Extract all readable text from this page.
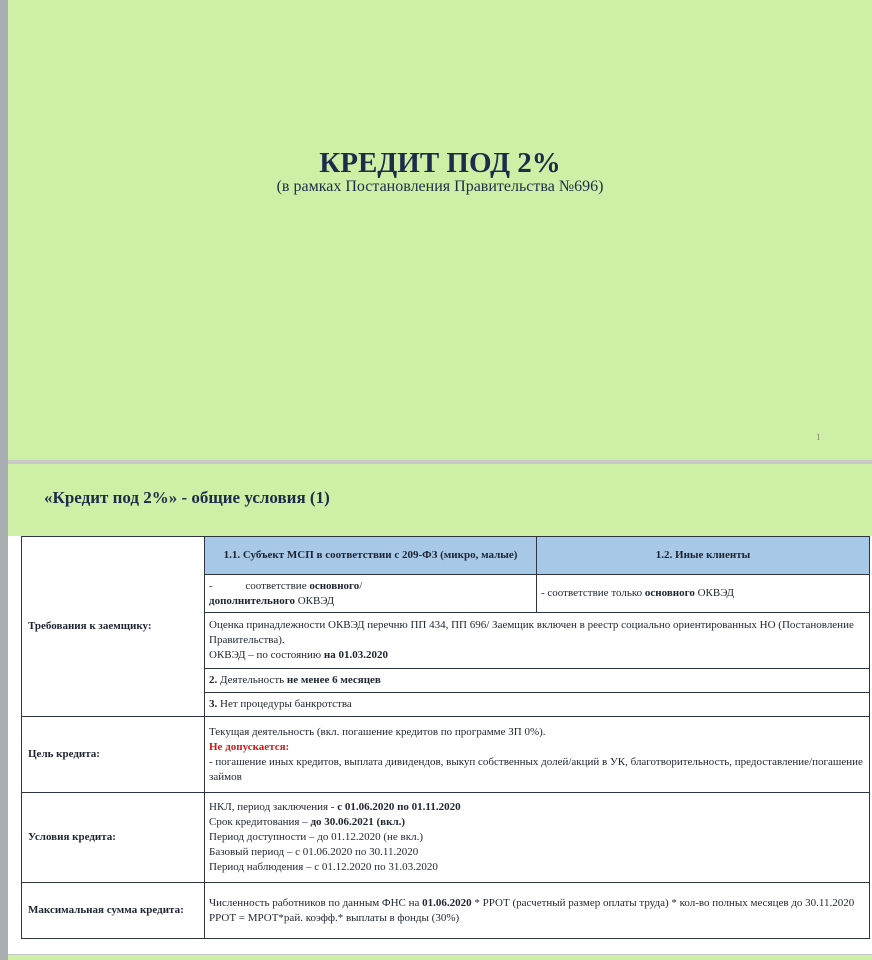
КРЕДИТ ПОД 2%
(в рамках Постановления Правительства №696)
1
«Кредит под 2%» - общие условия (1)
Требования к заемщику:	1.1. Субъект МСП в соответствии с 209-ФЗ (микро, малые)	1.2. Иные клиенты

	- соответствие основного/
дополнительного ОКВЭД	- соответствие только основного ОКВЭД

	Оценка принадлежности ОКВЭД перечню ПП 434, ПП 696/ Заемщик включен в реестр социально ориентированных НО (Постановление Правительства).
ОКВЭД – по состоянию на 01.03.2020	

	2. Деятельность не менее 6 месяцев	
	3. Нет процедуры банкротства	
Цель кредита:	Текущая деятельность (вкл. погашение кредитов по программе ЗП 0%).
Не допускается:
- погашение иных кредитов, выплата дивидендов, выкуп собственных долей/акций в УК, благотворительность, предоставление/погашение займов	

Условия кредита:	НКЛ, период заключения - с 01.06.2020 по 01.11.2020
Срок кредитования – до 30.06.2021 (вкл.)
Период доступности – до 01.12.2020 (не вкл.)
Базовый период – с 01.06.2020 по 30.11.2020
Период наблюдения – с 01.12.2020 по 31.03.2020	

Максимальная сумма кредита:	Численность работников по данным ФНС на 01.06.2020 * РРОТ (расчетный размер оплаты труда) * кол-во полных месяцев до 30.11.2020
РРОТ = МРОТ*рай. коэфф.* выплаты в фонды (30%)	
